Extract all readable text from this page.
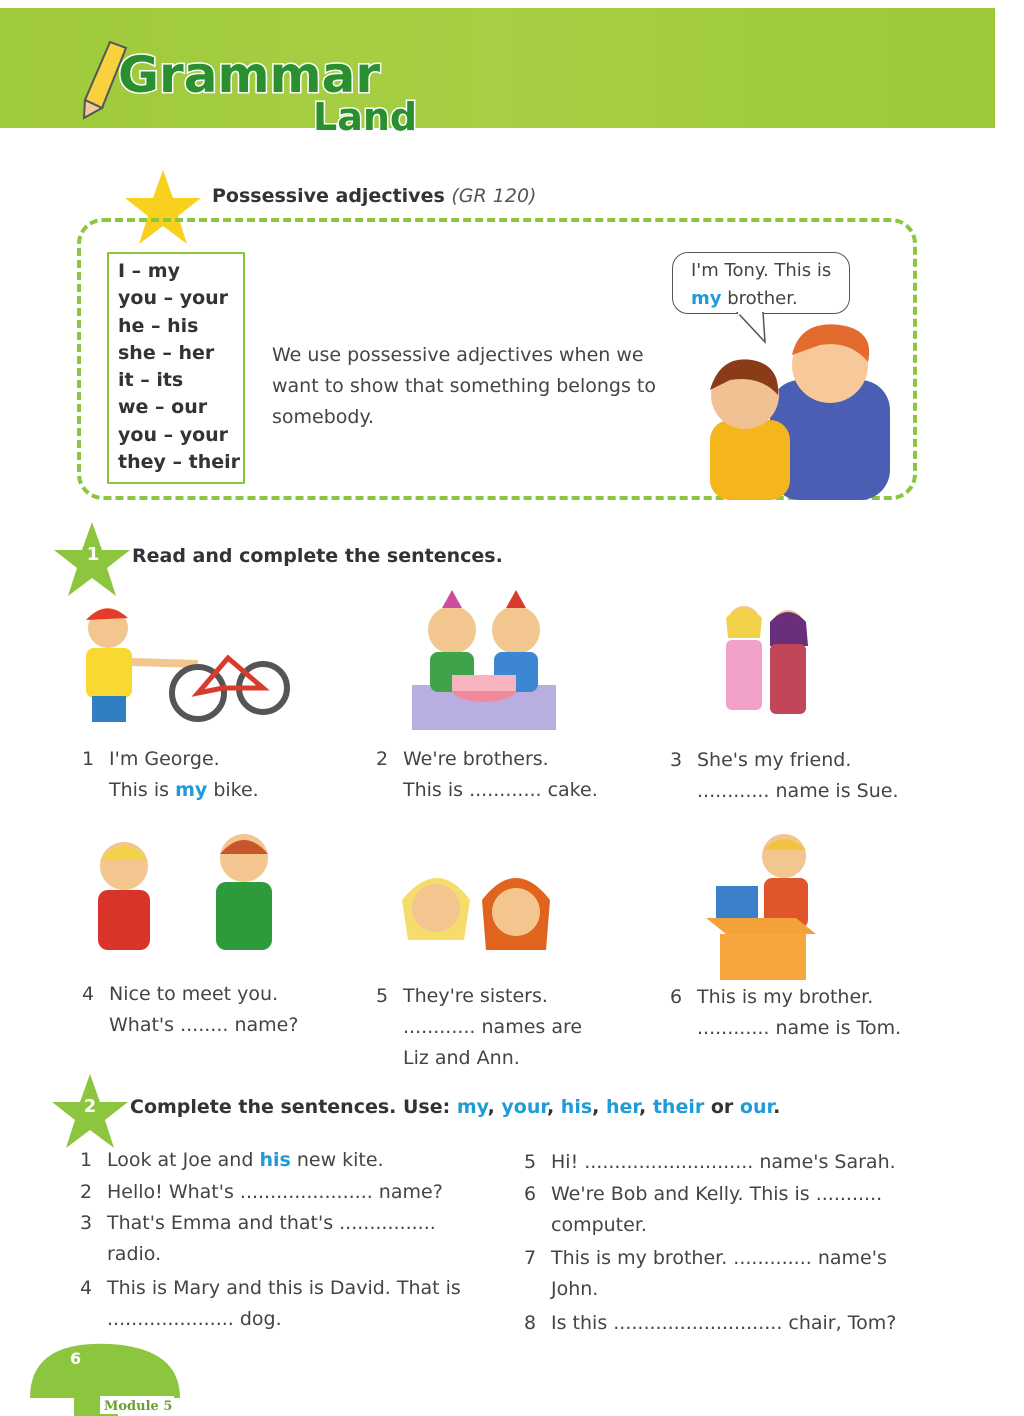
Grammar
Land
Possessive adjectives (GR 120)
I – my
you – your
he – his
she – her
it – its
we – our
you – your
they – their
We use possessive adjectives when we want to show that something belongs to somebody.
I'm Tony. This is my brother.
1	Read and complete the sentences.
1 I'm George.
This is my bike.
2 We're brothers.
This is ............ cake.
3 She's my friend.
............ name is Sue.
4 Nice to meet you.
What's ........ name?
5 They're sisters.
............ names are
Liz and Ann.
6 This is my brother.
............ name is Tom.
2	Complete the sentences. Use: my, your, his, her, their or our.
1 Look at Joe and his new kite.
2 Hello! What's ...................... name?
3 That's Emma and that's ................
radio.
4 This is Mary and this is David. That is
..................... dog.
5 Hi! ............................ name's Sarah.
6 We're Bob and Kelly. This is ...........
computer.
7 This is my brother. ............. name's
John.
8 Is this ............................ chair, Tom?
6
Module 5
